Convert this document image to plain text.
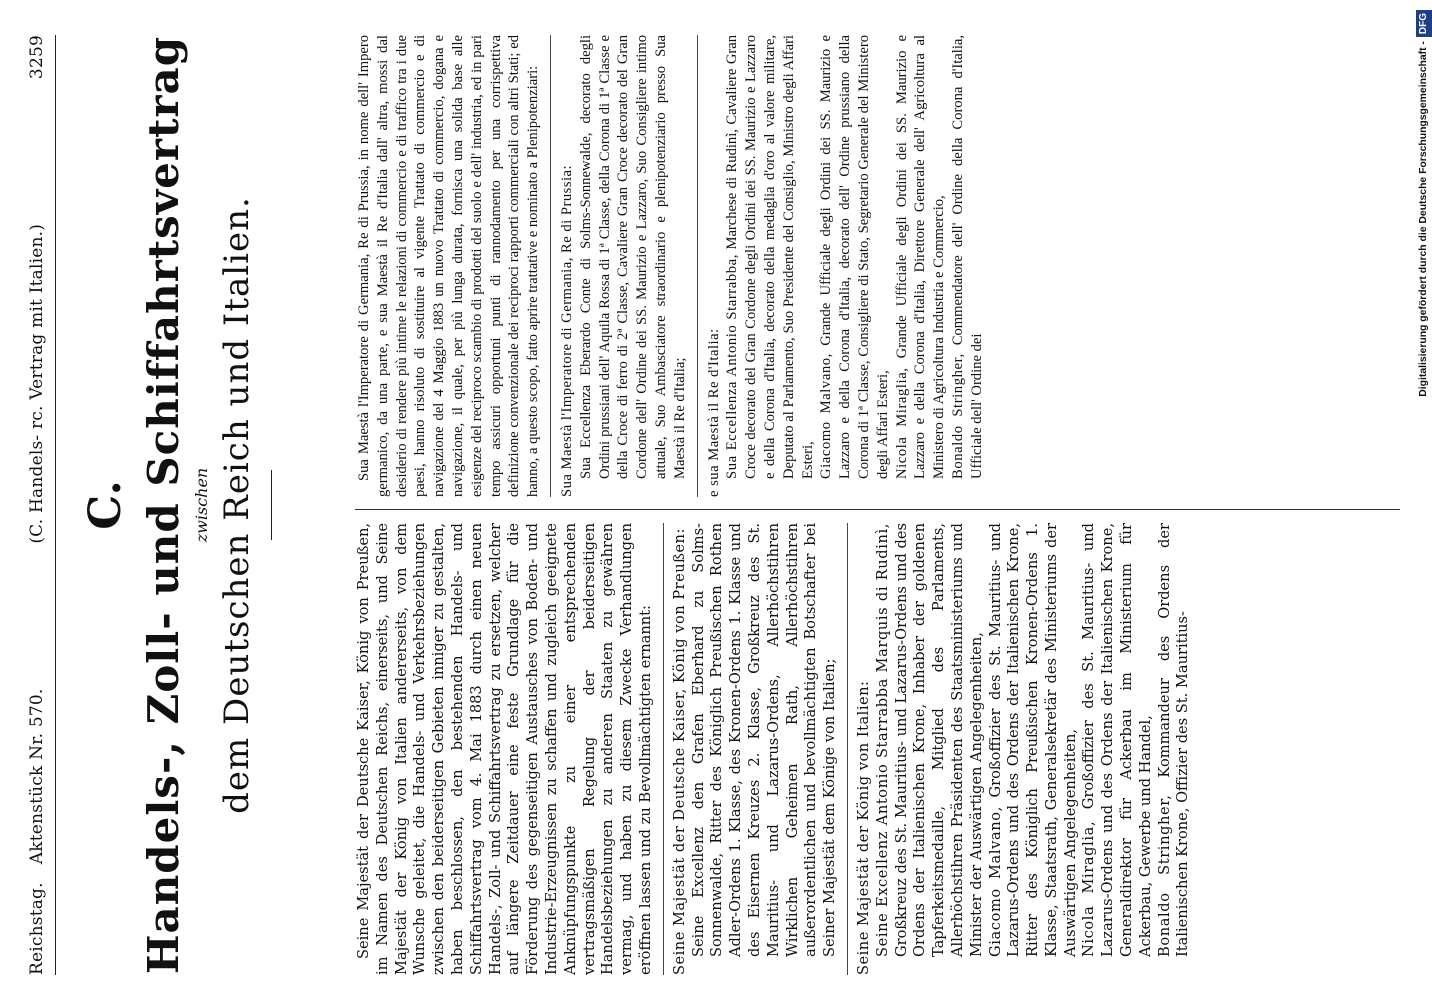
Reichstag.
Aktenstück Nr. 570.
(C. Handels- rc. Vertrag mit Italien.)
3259
C. Handels-, Zoll- und Schiffahrtsvertrag zwischen dem Deutschen Reich und Italien.	Seine Majestät der Deutsche Kaiser, König von Preußen, im Namen des Deutschen Reichs, einerseits, und Seine Majestät der König von Italien andererseits, von dem Wunsche geleitet, die Handels- und Verkehrsbeziehungen zwischen den beiderseitigen Gebieten inniger zu gestalten, haben beschlossen, den bestehenden Handels- und Schiffahrtsvertrag vom 4. Mai 1883 durch einen neuen Handels-, Zoll- und Schiffahrtsvertrag zu ersetzen, welcher auf längere Zeitdauer eine feste Grundlage für die Förderung des gegenseitigen Austausches von Boden- und Industrie-Erzeugnissen zu schaffen und zugleich geeignete Anknüpfungspunkte zu einer entsprechenden vertragsmäßigen Regelung der beiderseitigen Handelsbeziehungen zu anderen Staaten zu gewähren vermag, und haben zu diesem Zwecke Verhandlungen eröffnen lassen und zu Bevollmächtigten ernannt: Seine Majestät der Deutsche Kaiser, König von Preußen: Seine Excellenz den Grafen Eberhard zu Solms-Sonnenwalde, Ritter des Königlich Preußischen Rothen Adler-Ordens 1. Klasse, des Kronen-Ordens 1. Klasse und des Eisernen Kreuzes 2. Klasse, Großkreuz des St. Mauritius- und Lazarus-Ordens, Allerhöchstihren Wirklichen Geheimen Rath, Allerhöchstihren außerordentlichen und bevollmächtigten Botschafter bei Seiner Majestät dem Könige von Italien; Seine Majestät der König von Italien: Seine Excellenz Antonio Starrabba Marquis di Rudinì, Großkreuz des St. Mauritius- und Lazarus-Ordens und des Ordens der Italienischen Krone, Inhaber der goldenen Tapferkeitsmedaille, Mitglied des Parlaments, Allerhöchstihren Präsidenten des Staatsministeriums und Minister der Auswärtigen Angelegenheiten, Giacomo Malvano, Großoffizier des St. Mauritius- und Lazarus-Ordens und des Ordens der Italienischen Krone, Ritter des Königlich Preußischen Kronen-Ordens 1. Klasse, Staatsrath, Generalsekretär des Ministeriums der Auswärtigen Angelegenheiten, Nicola Miraglia, Großoffizier des St. Mauritius- und Lazarus-Ordens und des Ordens der Italienischen Krone, Generaldirektor für Ackerbau im Ministerium für Ackerbau, Gewerbe und Handel, Bonaldo Stringher, Kommandeur des Ordens der Italienischen Krone, Offizier des St. Mauritius-

Sua Maestà l'Imperatore di Germania, Re di Prussia, in nome dell' Impero germanico, da una parte, e sua Maestà il Re d'Italia dall' altra, mossi dal desiderio di rendere più intime le relazioni di commercio e di traffico tra i due paesi, hanno risoluto di sostituire al vigente Trattato di commercio e di navigazione del 4 Maggio 1883 un nuovo Trattato di commercio, dogana e navigazione, il quale, per più lunga durata, fornisca una solida base alle esigenze del reciproco scambio di prodotti del suolo e dell' industria, ed in pari tempo assicuri opportuni punti di rannodamento per una corrispettiva definizione convenzionale dei reciproci rapporti commerciali con altri Stati; ed hanno, a questo scopo, fatto aprire trattative e nominato a Plenipotenziari: Sua Maestà l'Imperatore di Germania, Re di Prussia: Sua Eccellenza Eberardo Conte di Solms-Sonnewalde, decorato degli Ordini prussiani dell' Aquila Rossa di 1ª Classe, della Corona di 1ª Classe e della Croce di ferro di 2ª Classe, Cavaliere Gran Croce decorato del Gran Cordone dell' Ordine dei SS. Maurizio e Lazzaro, Suo Consigliere intimo attuale, Suo Ambasciatore straordinario e plenipotenziario presso Sua Maestà il Re d'Italia; e sua Maestà il Re d'Italia: Sua Eccellenza Antonio Starrabba, Marchese di Rudinì, Cavaliere Gran Croce decorato del Gran Cordone degli Ordini dei SS. Maurizio e Lazzaro e della Corona d'Italia, decorato della medaglia d'oro al valore militare, Deputato al Parlamento, Suo Presidente del Consiglio, Ministro degli Affari Esteri, Giacomo Malvano, Grande Ufficiale degli Ordini dei SS. Maurizio e Lazzaro e della Corona d'Italia, decorato dell' Ordine prussiano della Corona di 1ª Classe, Consigliere di Stato, Segretario Generale del Ministero degli Affari Esteri, Nicola Miraglia, Grande Ufficiale degli Ordini dei SS. Maurizio e Lazzaro e della Corona d'Italia, Direttore Generale dell' Agricoltura al Ministero di Agricoltura Industria e Commercio, Bonaldo Stringher, Commendatore dell' Ordine della Corona d'Italia, Ufficiale dell' Ordine dei

Digitalisierung gefördert durch die Deutsche Forschungsgemeinschaft -
DFG
